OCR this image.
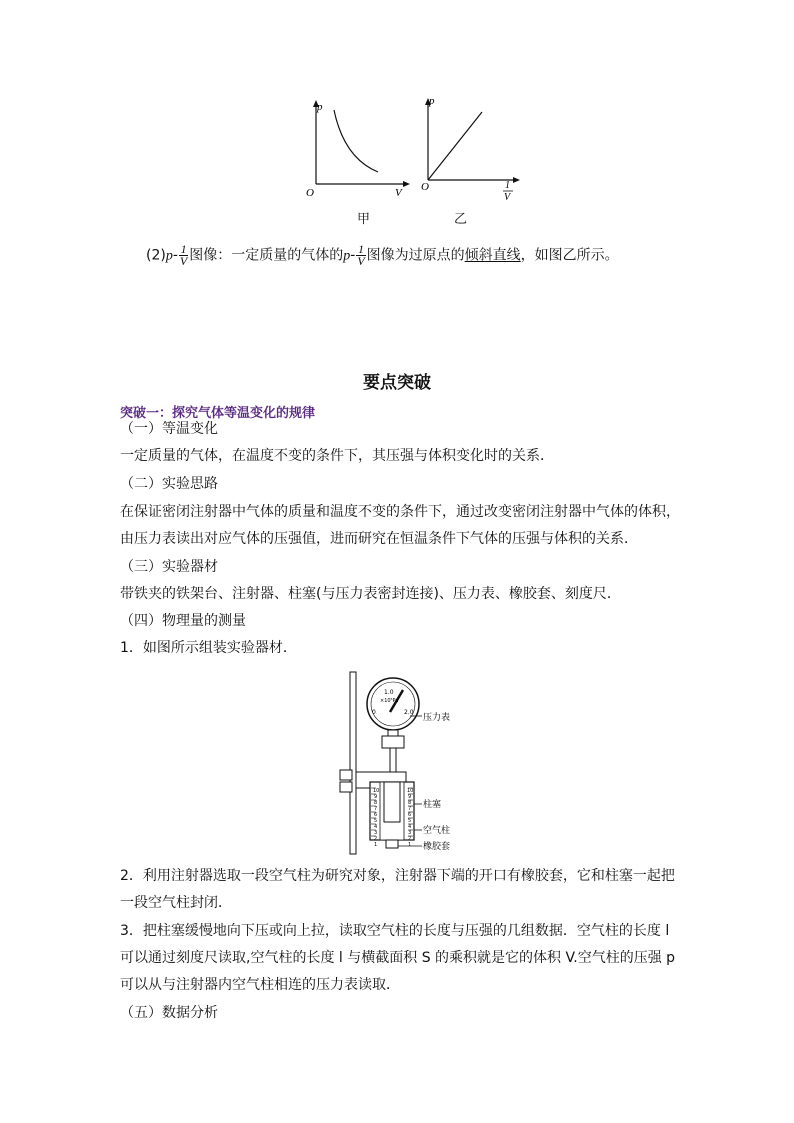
p
O	V
甲
p
O	1
V
乙
$(2)p- \frac{1}{V}$ 图像：一定质量的气体的$p- \frac{1}{V}$ 图像为过原点的倾斜直线，如图乙所示。
要点突破
突破一：探究气体等温变化的规律
（一）等温变化
一定质量的气体，在温度不变的条件下，其压强与体积变化时的关系．
（二）实验思路
在保证密闭注射器中气体的质量和温度不变的条件下，通过改变密闭注射器中气体的体积，
由压力表读出对应气体的压强值，进而研究在恒温条件下气体的压强与体积的关系．
（三）实验器材
带铁夹的铁架台、注射器、柱塞(与压力表密封连接)、压力表、橡胶套、刻度尺．
（四）物理量的测量
1．如图所示组装实验器材．
1.0
0	2.0
×10⁵Pa
10
9
8
7
6
5
4
3
2
1
10
9
8
7
6
5
4
3
2
1
压力表
柱塞
空气柱
橡胶套
2．利用注射器选取一段空气柱为研究对象，注射器下端的开口有橡胶套，它和柱塞一起把
一段空气柱封闭．
3．把柱塞缓慢地向下压或向上拉，读取空气柱的长度与压强的几组数据．空气柱的长度 l
可以通过刻度尺读取,空气柱的长度 l 与横截面积 S 的乘积就是它的体积 V.空气柱的压强 p
可以从与注射器内空气柱相连的压力表读取．
（五）数据分析
